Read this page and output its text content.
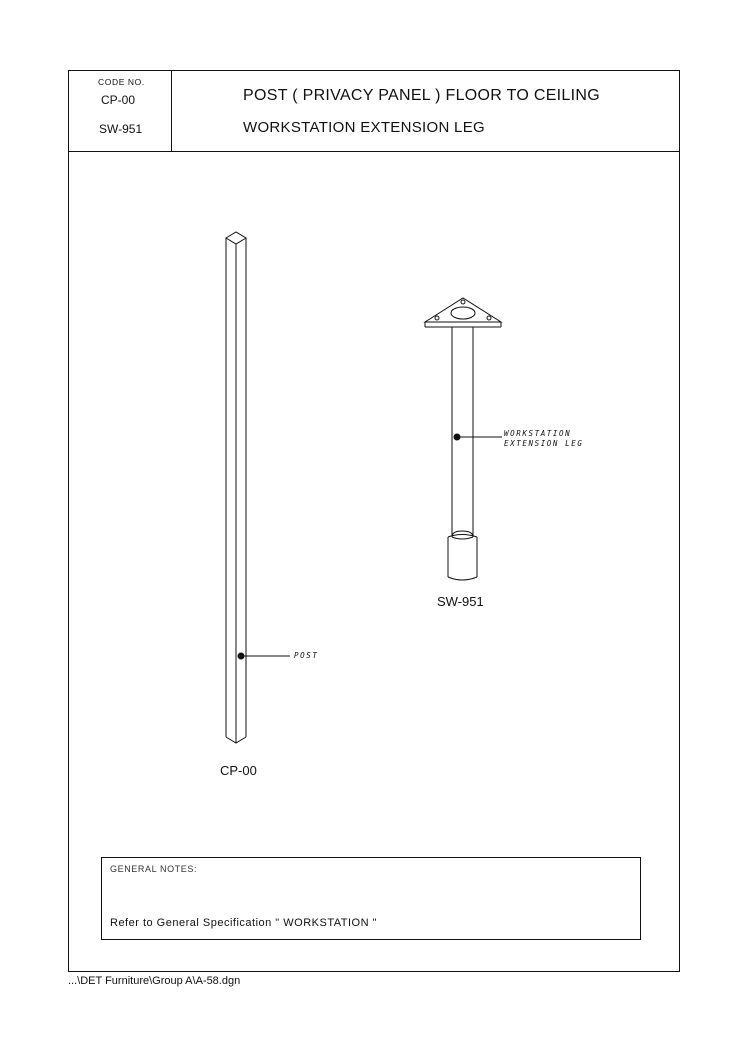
CODE NO.
CP-00
SW-951
POST ( PRIVACY PANEL ) FLOOR TO CEILING
WORKSTATION EXTENSION LEG
POST
CP-00
WORKSTATION
EXTENSION LEG
SW-951
GENERAL NOTES:
Refer to General Specification " WORKSTATION "
...\DET Furniture\Group A\A-58.dgn
